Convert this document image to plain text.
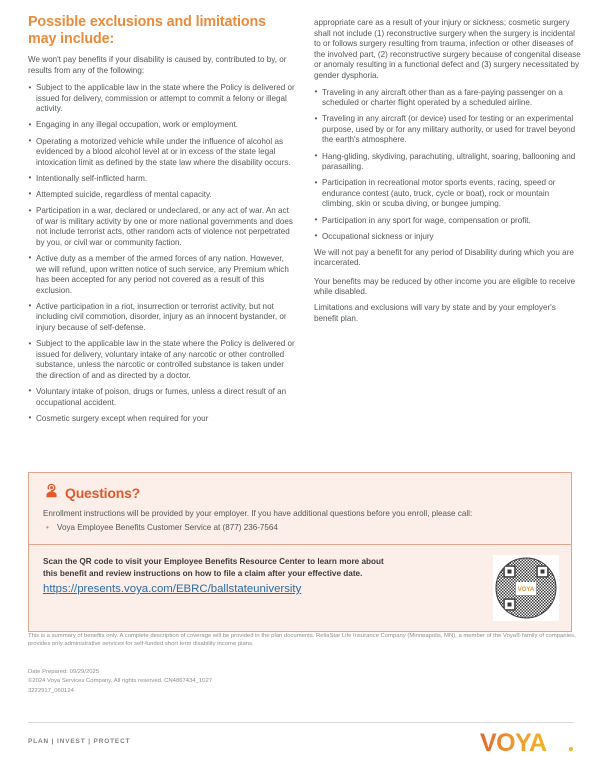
Possible exclusions and limitations may include:

We won't pay benefits if your disability is caused by, contributed to by, or results from any of the following:

• Subject to the applicable law in the state where the Policy is delivered or issued for delivery, commission or attempt to commit a felony or illegal activity.
• Engaging in any illegal occupation, work or employment.
• Operating a motorized vehicle while under the influence of alcohol as evidenced by a blood alcohol level at or in excess of the state legal intoxication limit as defined by the state law where the disability occurs.
• Intentionally self-inflicted harm.
• Attempted suicide, regardless of mental capacity.
• Participation in a war, declared or undeclared, or any act of war. An act of war is military activity by one or more national governments and does not include terrorist acts, other random acts of violence not perpetrated by you, or civil war or community faction.
• Active duty as a member of the armed forces of any nation. However, we will refund, upon written notice of such service, any Premium which has been accepted for any period not covered as a result of this exclusion.
• Active participation in a riot, insurrection or terrorist activity, but not including civil commotion, disorder, injury as an innocent bystander, or injury because of self-defense.
• Subject to the applicable law in the state where the Policy is delivered or issued for delivery, voluntary intake of any narcotic or other controlled substance, unless the narcotic or controlled substance is taken under the direction of and as directed by a doctor.
• Voluntary intake of poison, drugs or fumes, unless a direct result of an occupational accident.
• Cosmetic surgery except when required for your

appropriate care as a result of your injury or sickness; cosmetic surgery shall not include (1) reconstructive surgery when the surgery is incidental to or follows surgery resulting from trauma, infection or other diseases of the involved part, (2) reconstructive surgery because of congenital disease or anomaly resulting in a functional defect and (3) surgery necessitated by gender dysphoria.

• Traveling in any aircraft other than as a fare-paying passenger on a scheduled or charter flight operated by a scheduled airline.
• Traveling in any aircraft (or device) used for testing or an experimental purpose, used by or for any military authority, or used for travel beyond the earth's atmosphere.
• Hang-gliding, skydiving, parachuting, ultralight, soaring, ballooning and parasailing.
• Participation in recreational motor sports events, racing, speed or endurance contest (auto, truck, cycle or boat), rock or mountain climbing, skin or scuba diving, or bungee jumping.
• Participation in any sport for wage, compensation or profit.
• Occupational sickness or injury

We will not pay a benefit for any period of Disability during which you are incarcerated.

Your benefits may be reduced by other income you are eligible to receive while disabled.

Limitations and exclusions will vary by state and by your employer's benefit plan.

Questions?

Enrollment instructions will be provided by your employer. If you have additional questions before you enroll, please call:

• Voya Employee Benefits Customer Service at (877) 236-7564

Scan the QR code to visit your Employee Benefits Resource Center to learn more about

this benefit and review instructions on how to file a claim after your effective date.

https://presents.voya.com/EBRC/ballstateuniversity	VOYA
This is a summary of benefits only. A complete description of coverage will be provided in the plan documents. ReliaStar Life Insurance Company (Minneapolis, MN), a member of the Voya® family of companies, provides only administrative services for self-funded short term disability income plans.
Date Prepared: 09/29/2025
©2024 Voya Services Company. All rights reserved. CN4867434_1027
3222917_060124
PLAN | INVEST | PROTECT	VOYA
